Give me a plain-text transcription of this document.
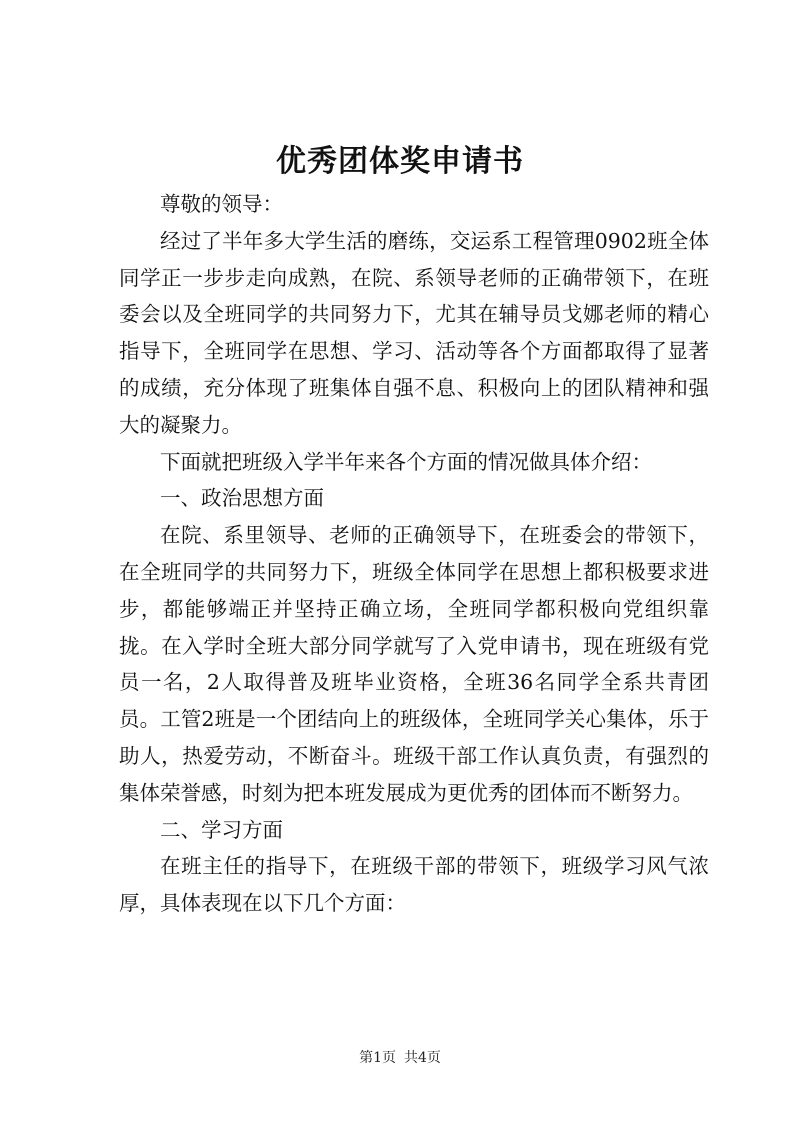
优秀团体奖申请书

尊敬的领导：

经过了半年多大学生活的磨练，交运系工程管理0902班全体同学正一步步走向成熟，在院、系领导老师的正确带领下，在班委会以及全班同学的共同努力下，尤其在辅导员戈娜老师的精心指导下，全班同学在思想、学习、活动等各个方面都取得了显著的成绩，充分体现了班集体自强不息、积极向上的团队精神和强大的凝聚力。

下面就把班级入学半年来各个方面的情况做具体介绍：

一、政治思想方面

在院、系里领导、老师的正确领导下，在班委会的带领下，在全班同学的共同努力下，班级全体同学在思想上都积极要求进步，都能够端正并坚持正确立场，全班同学都积极向党组织靠拢。在入学时全班大部分同学就写了入党申请书，现在班级有党员一名，2人取得普及班毕业资格，全班36名同学全系共青团员。工管2班是一个团结向上的班级体，全班同学关心集体，乐于助人，热爱劳动，不断奋斗。班级干部工作认真负责，有强烈的集体荣誉感，时刻为把本班发展成为更优秀的团体而不断努力。

二、学习方面

在班主任的指导下，在班级干部的带领下，班级学习风气浓厚，具体表现在以下几个方面：

第1页 共4页
